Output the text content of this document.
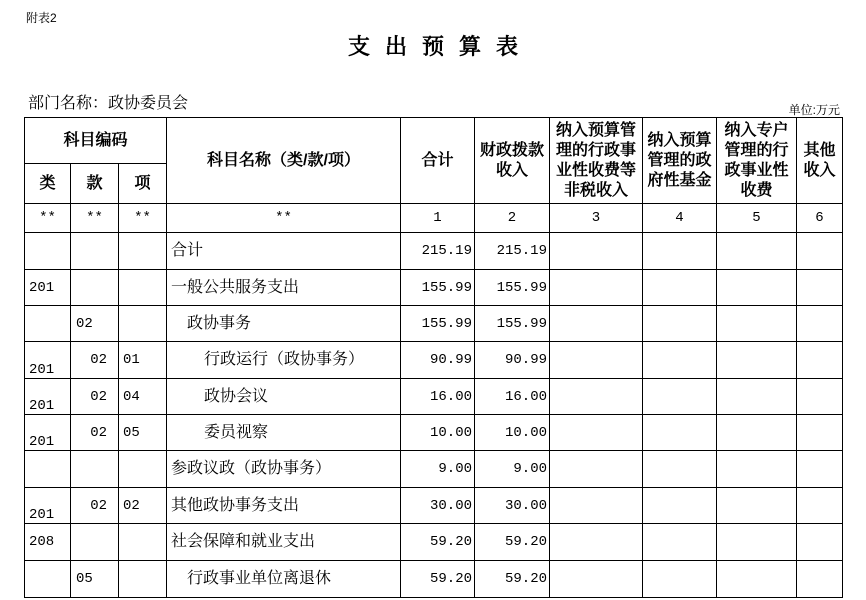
附表2
支出预算表
部门名称：政协委员会	单位:万元
科目编码			科目名称（类/款/项）	合计	财政拨款收入	纳入预算管理的行政事业性收费等非税收入	纳入预算管理的政府性基金	纳入专户管理的行政事业性收费	其他收入
类	款	项							
**	**	**	**	1	2	3	4	5	6
			合计	215.19	215.19				
201			一般公共服务支出	155.99	155.99				
	02		政协事务	155.99	155.99				
201	02	01	行政运行（政协事务）	90.99	90.99				
201	02	04	政协会议	16.00	16.00				
201	02	05	委员视察	10.00	10.00				
			参政议政（政协事务）	9.00	9.00				
201	02	02	其他政协事务支出	30.00	30.00				
208			社会保障和就业支出	59.20	59.20				
	05		行政事业单位离退休	59.20	59.20				
